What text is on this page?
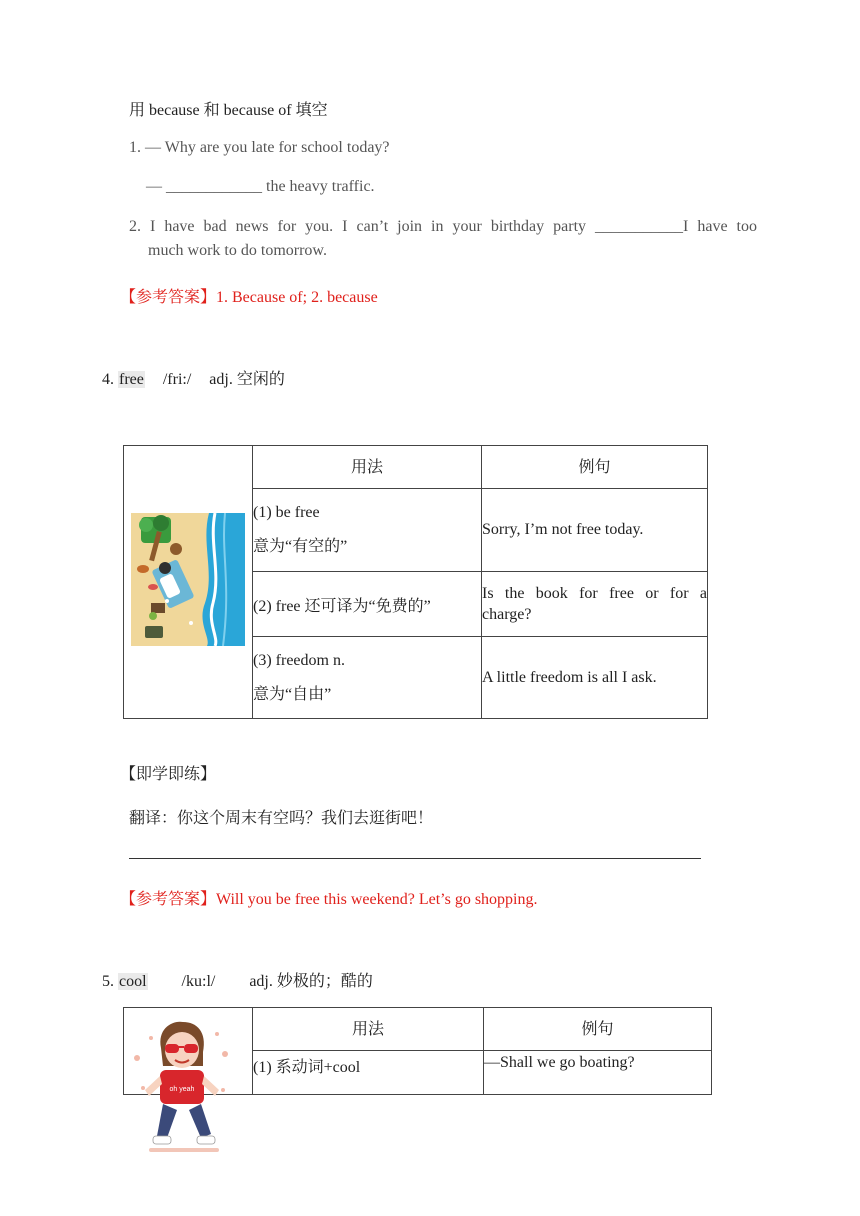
用 because 和 because of 填空
1. — Why are you late for school today?
— ____________ the heavy traffic.
2. I have bad news for you. I can’t join in your birthday party ___________I have too
much work to do tomorrow.
【参考答案】1. Because of; 2. because
4. free /fri:/ adj. 空闲的
	用法	例句

	(1) be free
意为“有空的”	Sorry, I’m not free today.
	(2) free 还可译为“免费的”	Is the book for free or for a
charge?

	(3) freedom n.
意为“自由”	A little freedom is all I ask.
【即学即练】
翻译：你这个周末有空吗？我们去逛街吧！
【参考答案】Will you be free this weekend? Let’s go shopping.
5. cool /ku:l/ adj. 妙极的；酷的
	用法	例句
	(1) 系动词+cool	—Shall we go boating?
oh yeah
